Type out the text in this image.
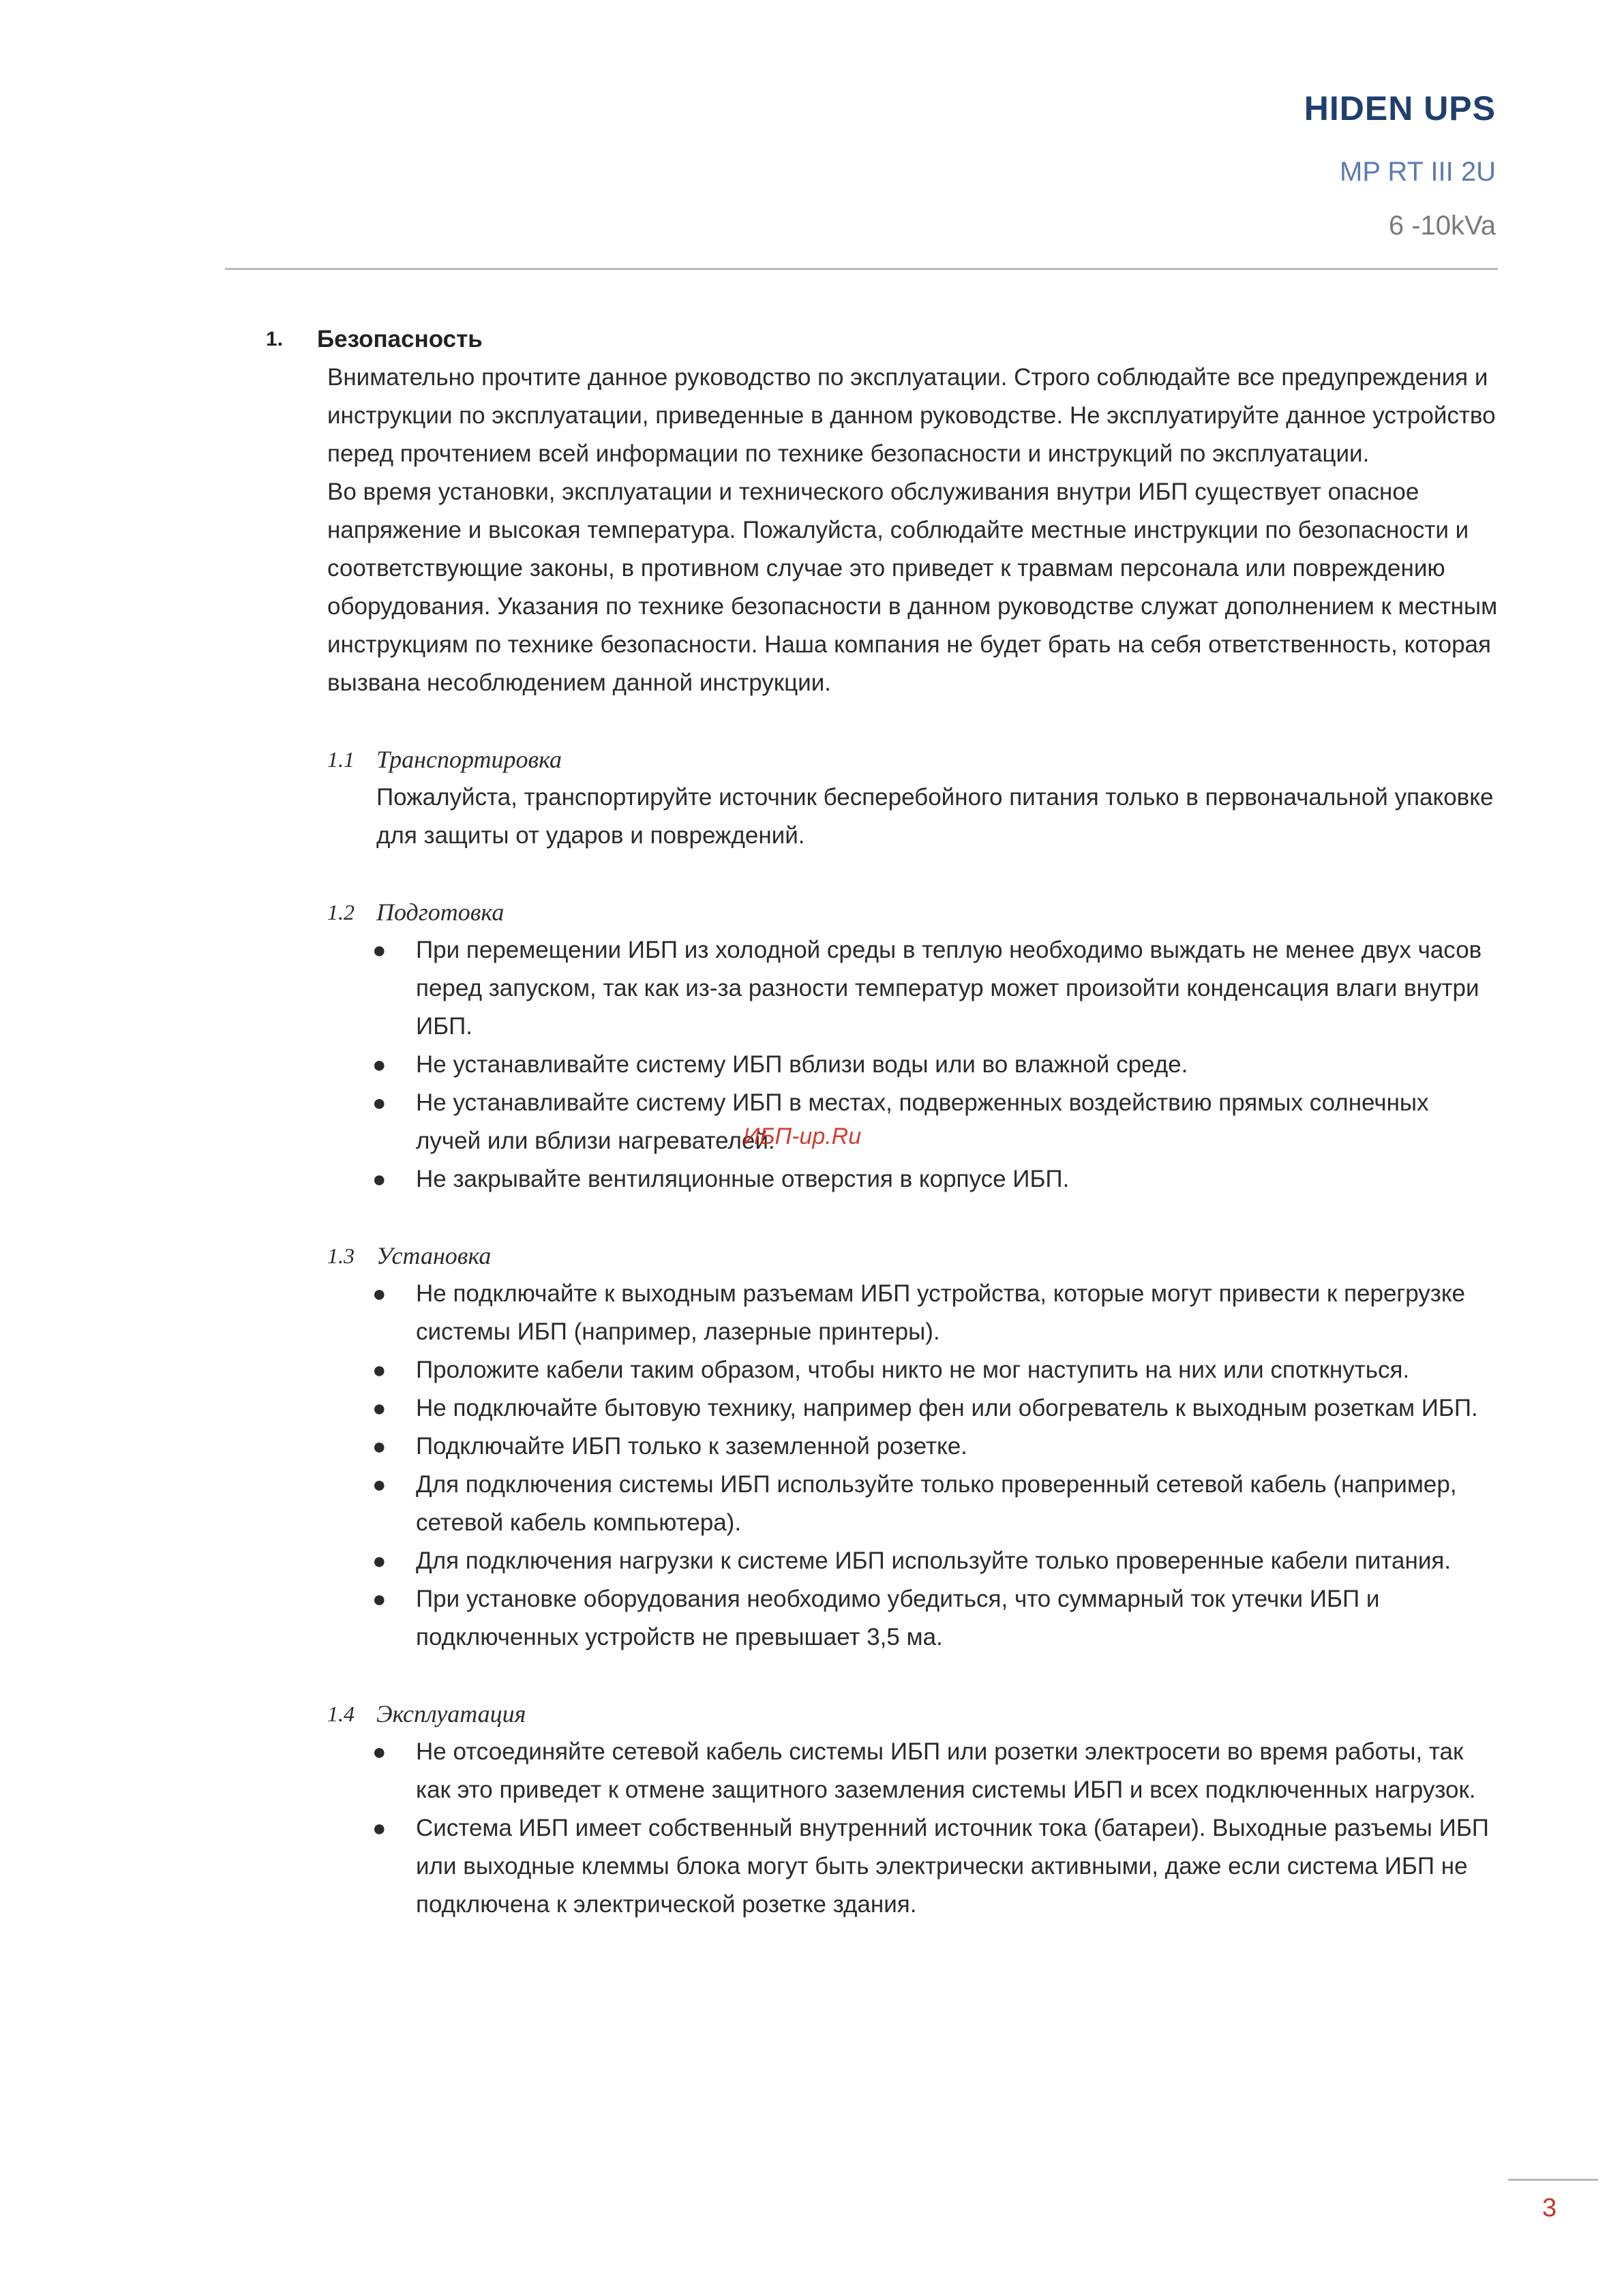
HIDEN UPS
MP RT III 2U
6 -10kVa
1.	Безопасность

Внимательно прочтите данное руководство по эксплуатации. Строго соблюдайте все предупреждения и инструкции по эксплуатации, приведенные в данном руководстве. Не эксплуатируйте данное устройство перед прочтением всей информации по технике безопасности и инструкций по эксплуатации.

Во время установки, эксплуатации и технического обслуживания внутри ИБП существует опасное напряжение и высокая температура. Пожалуйста, соблюдайте местные инструкции по безопасности и соответствующие законы, в противном случае это приведет к травмам персонала или повреждению оборудования. Указания по технике безопасности в данном руководстве служат дополнением к местным инструкциям по технике безопасности. Наша компания не будет брать на себя ответственность, которая вызвана несоблюдением данной инструкции.

1.1 Транспортировка
Пожалуйста, транспортируйте источник бесперебойного питания только в первоначальной упаковке для защиты от ударов и повреждений.
1.2 Подготовка
● При перемещении ИБП из холодной среды в теплую необходимо выждать не менее двух часов перед запуском, так как из-за разности температур может произойти конденсация влаги внутри ИБП.
● Не устанавливайте систему ИБП вблизи воды или во влажной среде.
● Не устанавливайте систему ИБП в местах, подверженных воздействию прямых солнечных лучей или вблизи нагревателей.
● Не закрывайте вентиляционные отверстия в корпусе ИБП.
1.3 Установка
● Не подключайте к выходным разъемам ИБП устройства, которые могут привести к перегрузке системы ИБП (например, лазерные принтеры).
● Проложите кабели таким образом, чтобы никто не мог наступить на них или споткнуться.
● Не подключайте бытовую технику, например фен или обогреватель к выходным розеткам ИБП.
● Подключайте ИБП только к заземленной розетке.
● Для подключения системы ИБП используйте только проверенный сетевой кабель (например, сетевой кабель компьютера).
● Для подключения нагрузки к системе ИБП используйте только проверенные кабели питания.
● При установке оборудования необходимо убедиться, что суммарный ток утечки ИБП и подключенных устройств не превышает 3,5 ма.
1.4 Эксплуатация
● Не отсоединяйте сетевой кабель системы ИБП или розетки электросети во время работы, так как это приведет к отмене защитного заземления системы ИБП и всех подключенных нагрузок.
● Система ИБП имеет собственный внутренний источник тока (батареи). Выходные разъемы ИБП или выходные клеммы блока могут быть электрически активными, даже если система ИБП не подключена к электрической розетке здания.
ИБП-ир.Ru
3
